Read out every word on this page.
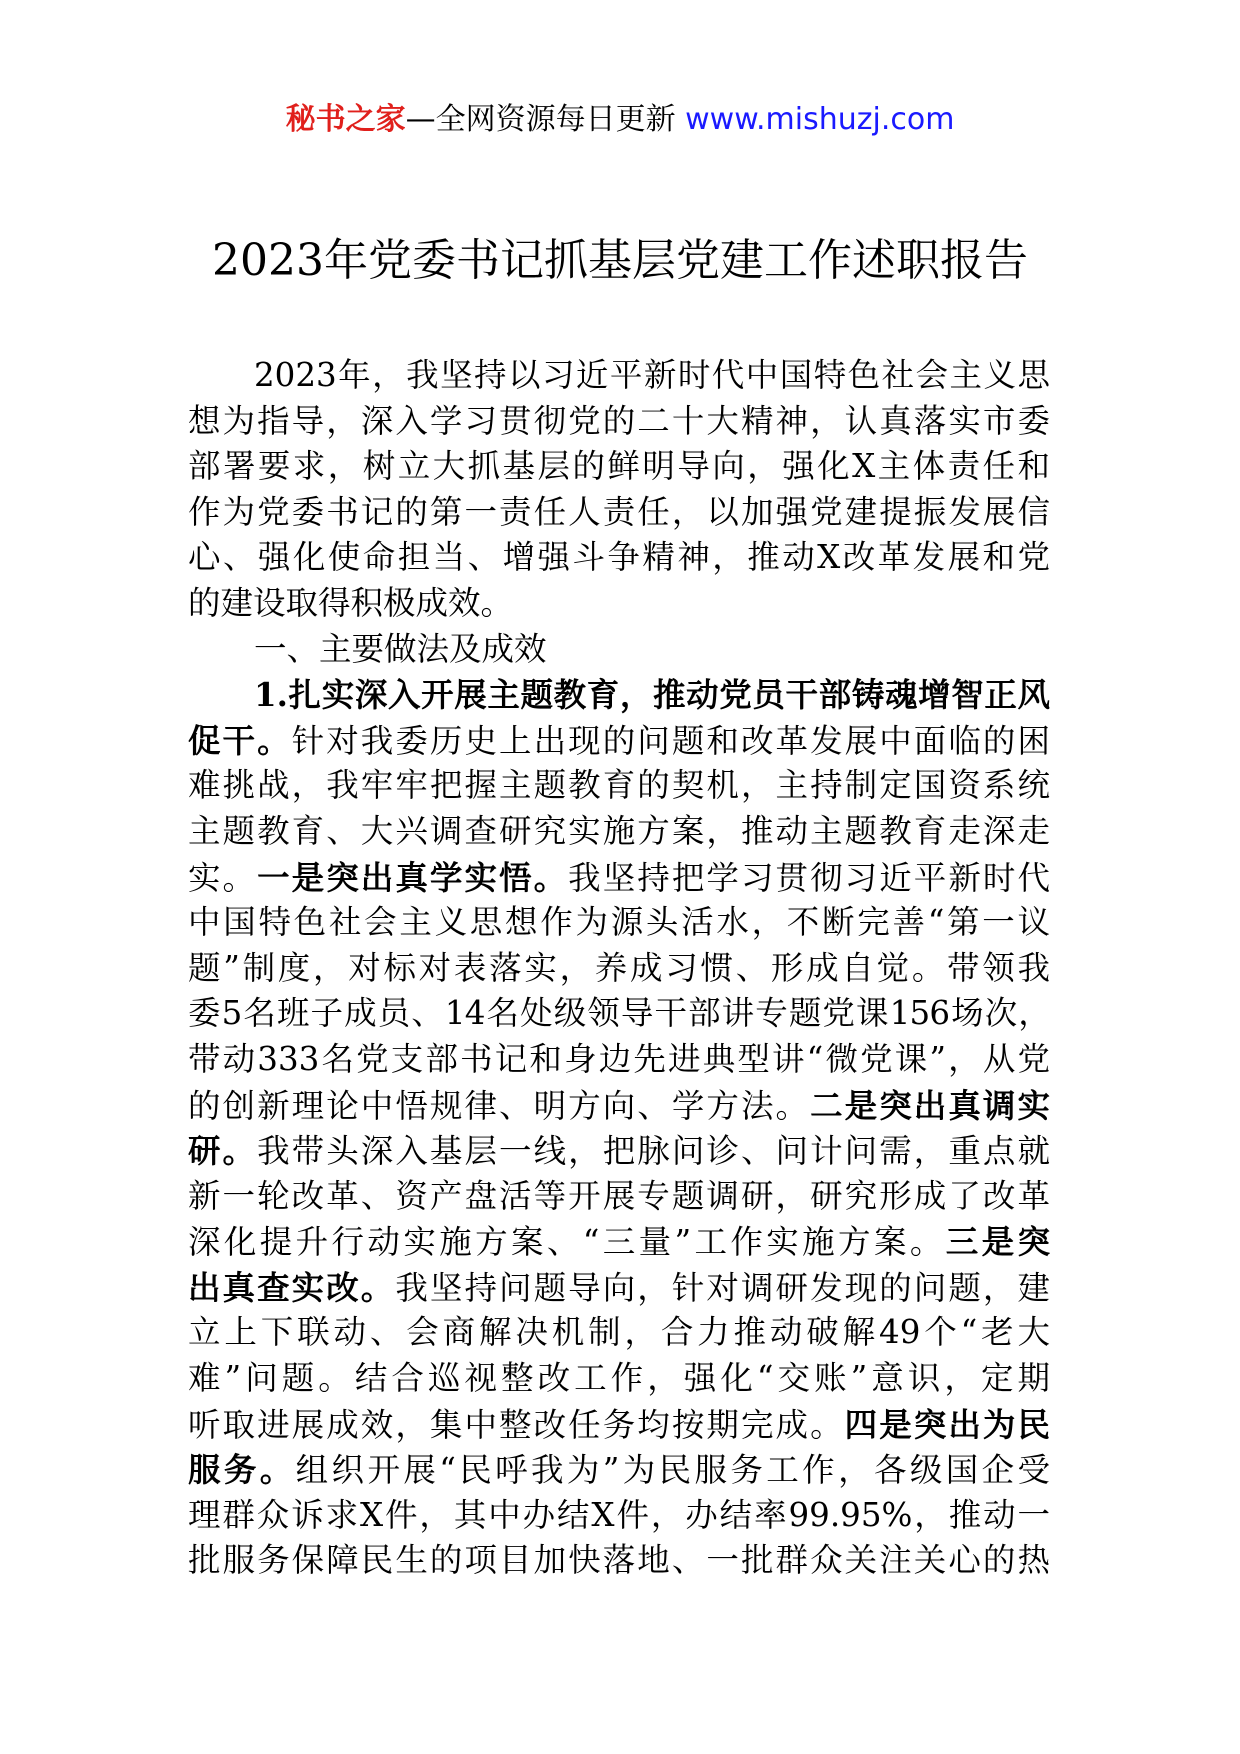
秘书之家—全网资源每日更新 www.mishuzj.com
2023年党委书记抓基层党建工作述职报告
2023年，我坚持以习近平新时代中国特色社会主义思
想为指导，深入学习贯彻党的二十大精神，认真落实市委
部署要求，树立大抓基层的鲜明导向，强化X主体责任和
作为党委书记的第一责任人责任，以加强党建提振发展信
心、强化使命担当、增强斗争精神，推动X改革发展和党
的建设取得积极成效。
一、主要做法及成效
1.扎实深入开展主题教育，推动党员干部铸魂增智正风
促干。针对我委历史上出现的问题和改革发展中面临的困
难挑战，我牢牢把握主题教育的契机，主持制定国资系统
主题教育、大兴调查研究实施方案，推动主题教育走深走
实。一是突出真学实悟。我坚持把学习贯彻习近平新时代
中国特色社会主义思想作为源头活水，不断完善“第一议
题”制度，对标对表落实，养成习惯、形成自觉。带领我
委5名班子成员、14名处级领导干部讲专题党课156场次，
带动333名党支部书记和身边先进典型讲“微党课”，从党
的创新理论中悟规律、明方向、学方法。二是突出真调实
研。我带头深入基层一线，把脉问诊、问计问需，重点就
新一轮改革、资产盘活等开展专题调研，研究形成了改革
深化提升行动实施方案、“三量”工作实施方案。三是突
出真查实改。我坚持问题导向，针对调研发现的问题，建
立上下联动、会商解决机制，合力推动破解49个“老大
难”问题。结合巡视整改工作，强化“交账”意识，定期
听取进展成效，集中整改任务均按期完成。四是突出为民
服务。组织开展“民呼我为”为民服务工作，各级国企受
理群众诉求X件，其中办结X件，办结率99.95%，推动一
批服务保障民生的项目加快落地、一批群众关注关心的热
